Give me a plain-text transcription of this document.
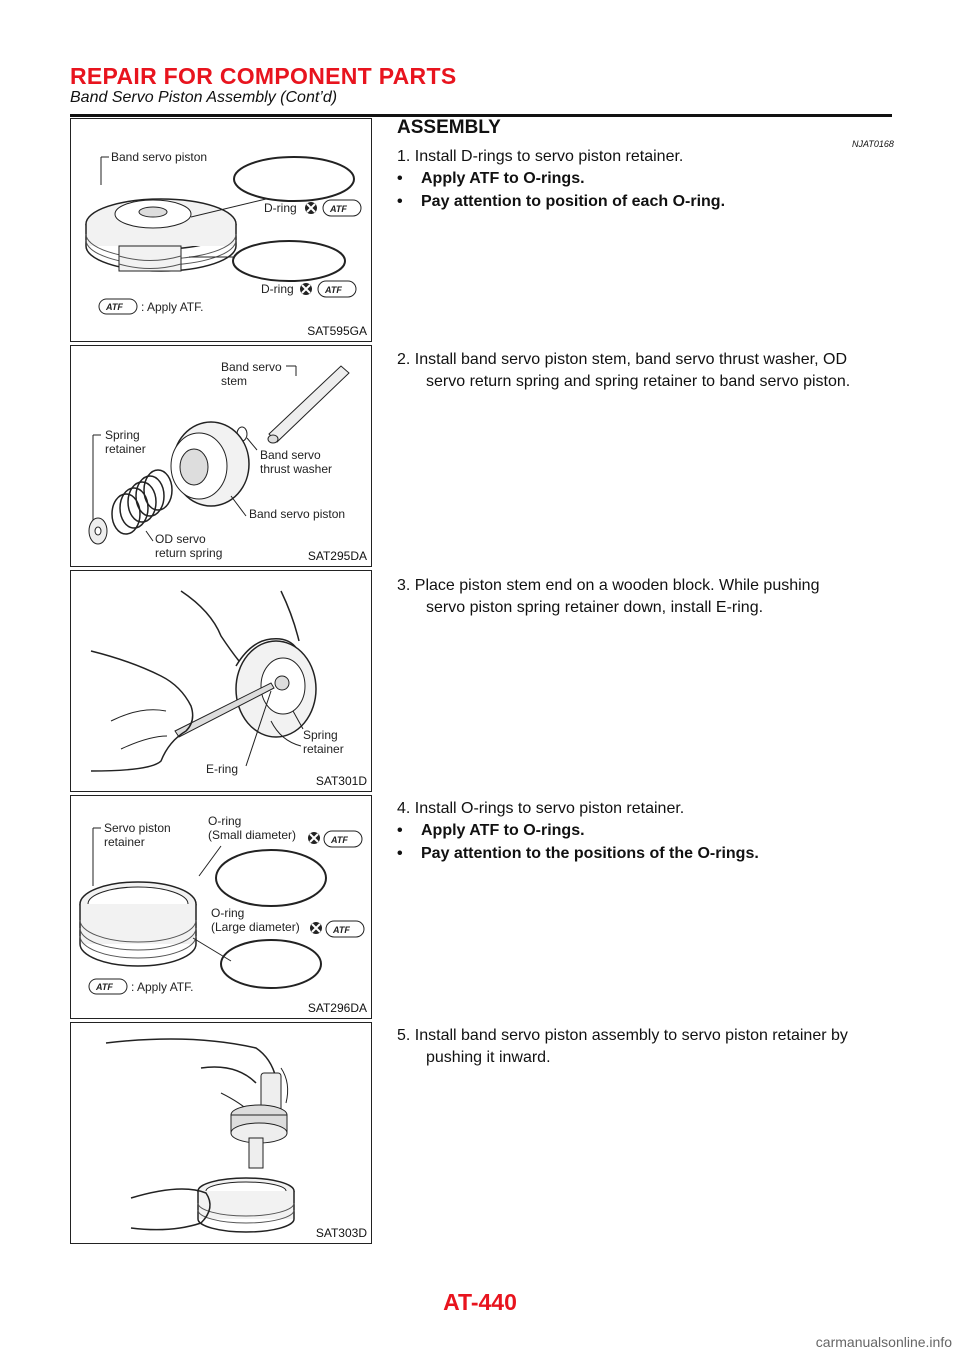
REPAIR FOR COMPONENT PARTS
Band Servo Piston Assembly (Cont’d)
Band servo piston
D-ring	ATF
D-ring	ATF
ATF : Apply ATF.
SAT595GA
Band servo
stem
Spring
retainer	Band servo
thrust washer
Band servo piston
OD servo
return spring	SAT295DA
Spring
retainer
E-ring
SAT301D
Servo piston
retainer
O-ring
(Small diameter)	ATF
O-ring
(Large diameter)	ATF
ATF : Apply ATF.
SAT296DA
SAT303D
ASSEMBLY
NJAT0168
1. Install D-rings to servo piston retainer.
• Apply ATF to O-rings.
• Pay attention to position of each O-ring.
2. Install band servo piston stem, band servo thrust washer, OD
servo return spring and spring retainer to band servo piston.
3. Place piston stem end on a wooden block. While pushing
servo piston spring retainer down, install E-ring.
4. Install O-rings to servo piston retainer.
• Apply ATF to O-rings.
• Pay attention to the positions of the O-rings.
5. Install band servo piston assembly to servo piston retainer by
pushing it inward.
AT-440
carmanualsonline.info
